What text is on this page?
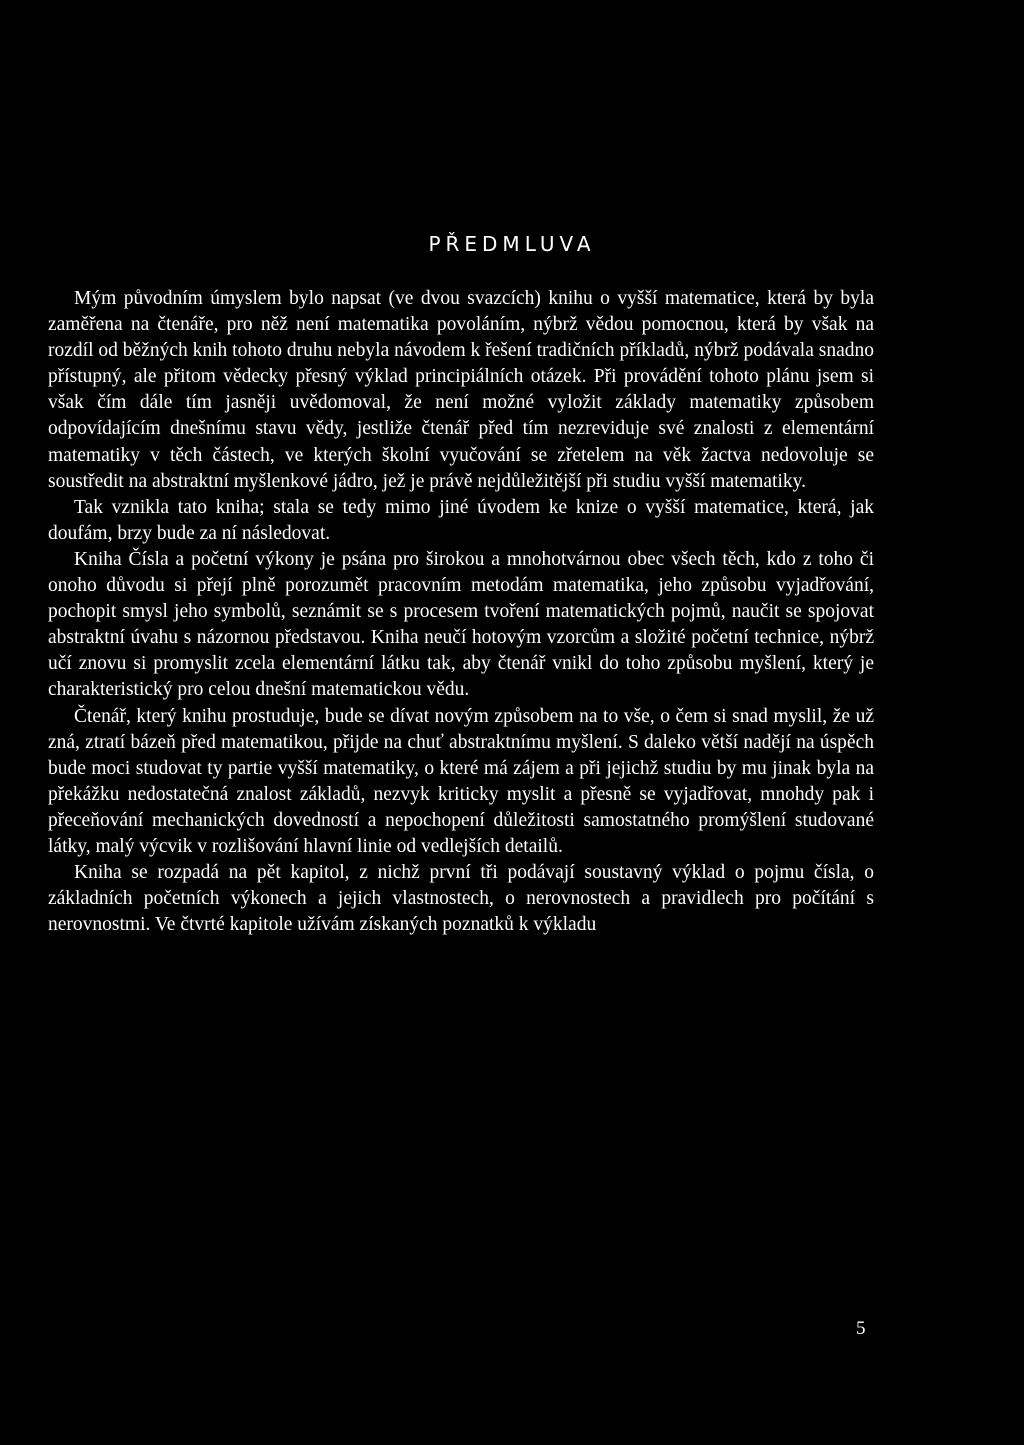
PŘEDMLUVA

Mým původním úmyslem bylo napsat (ve dvou svazcích) knihu o vyšší matematice, která by byla zaměřena na čtenáře, pro něž není matematika povoláním, nýbrž vědou pomocnou, která by však na rozdíl od běžných knih tohoto druhu nebyla návodem k řešení tradičních příkladů, nýbrž podávala snadno přístupný, ale přitom vědecky přesný výklad principiálních otázek. Při provádění tohoto plánu jsem si však čím dále tím jasněji uvědomoval, že není možné vyložit základy matematiky způsobem odpovídajícím dnešnímu stavu vědy, jestliže čtenář před tím nezreviduje své znalosti z elementární matematiky v těch částech, ve kterých školní vyučování se zřetelem na věk žactva nedovoluje se soustředit na abstraktní myšlenkové jádro, jež je právě nejdůležitější při studiu vyšší matematiky.

Tak vznikla tato kniha; stala se tedy mimo jiné úvodem ke knize o vyšší matematice, která, jak doufám, brzy bude za ní následovat.

Kniha Čísla a početní výkony je psána pro širokou a mnohotvárnou obec všech těch, kdo z toho či onoho důvodu si přejí plně porozumět pracovním metodám matematika, jeho způsobu vyjadřování, pochopit smysl jeho symbolů, seznámit se s procesem tvoření matematických pojmů, naučit se spojovat abstraktní úvahu s názornou představou. Kniha neučí hotovým vzorcům a složité početní technice, nýbrž učí znovu si promyslit zcela elementární látku tak, aby čtenář vnikl do toho způsobu myšlení, který je charakteristický pro celou dnešní matematickou vědu.

Čtenář, který knihu prostuduje, bude se dívat novým způsobem na to vše, o čem si snad myslil, že už zná, ztratí bázeň před matematikou, přijde na chuť abstraktnímu myšlení. S daleko větší nadějí na úspěch bude moci studovat ty partie vyšší matematiky, o které má zájem a při jejichž studiu by mu jinak byla na překážku nedostatečná znalost základů, nezvyk kriticky myslit a přesně se vyjadřovat, mnohdy pak i přeceňování mechanických dovedností a nepochopení důležitosti samostatného promýšlení studované látky, malý výcvik v rozlišování hlavní linie od vedlejších detailů.

Kniha se rozpadá na pět kapitol, z nichž první tři podávají soustavný výklad o pojmu čísla, o základních početních výkonech a jejich vlastnostech, o nerovnostech a pravidlech pro počítání s nerovnostmi. Ve čtvrté kapitole užívám získaných poznatků k výkladu

5
